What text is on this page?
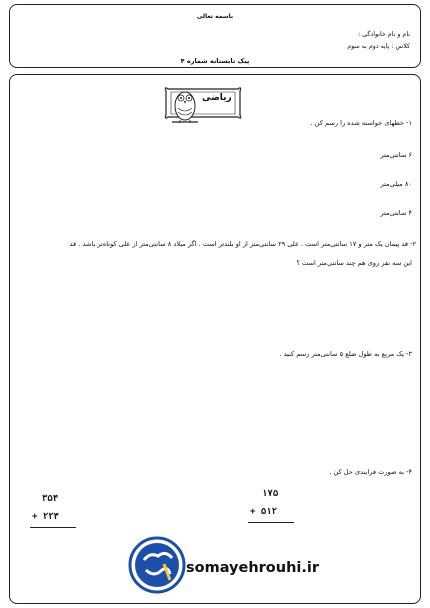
باسمه تعالی
نام و نام خانوادگی :
کلاس : پایه دوم به سوم
پیک تابستانه شماره ۴
ریاضی
۱- خطهای خواسته شده را رسم کن .
۶ سانتی‌متر
۸۰ میلی‌متر
۴ سانتی‌متر
۲- قد پیمان یک متر و ۱۷ سانتی‌متر است . علی ۲۹ سانتی‌متر از او بلندتر است . اگر میلاد ۸ سانتی‌متر از علی کوتاه‌تر باشد . قد
این سه نفر روی هم چند سانتی‌متر است ؟
۳- یک مربع به طول ضلع ۵ سانتی‌متر رسم کنید .
۴- به صورت فرایندی حل کن .
۳۵۴
+ ۲۲۴
۱۷۵
+ ۵۱۲
somayehrouhi.ir
